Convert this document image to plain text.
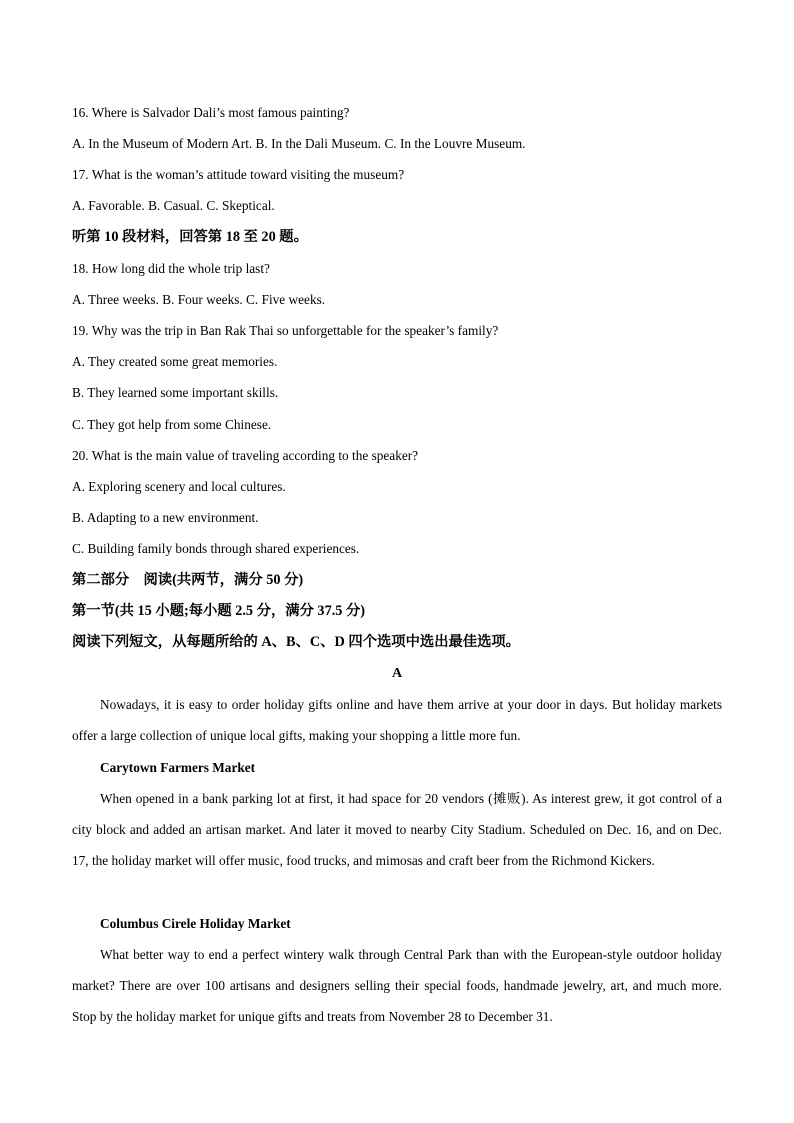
16. Where is Salvador Dali’s most famous painting?
A. In the Museum of Modern Art. B. In the Dali Museum. C. In the Louvre Museum.
17. What is the woman’s attitude toward visiting the museum?
A. Favorable. B. Casual. C. Skeptical.
听第 10 段材料，回答第 18 至 20 题。
18. How long did the whole trip last?
A. Three weeks. B. Four weeks. C. Five weeks.
19. Why was the trip in Ban Rak Thai so unforgettable for the speaker’s family?
A. They created some great memories.
B. They learned some important skills.
C. They got help from some Chinese.
20. What is the main value of traveling according to the speaker?
A. Exploring scenery and local cultures.
B. Adapting to a new environment.
C. Building family bonds through shared experiences.
第二部分　阅读(共两节，满分 50 分)
第一节(共 15 小题;每小题 2.5 分，满分 37.5 分)
阅读下列短文，从每题所给的 A、B、C、D 四个选项中选出最佳选项。
A
Nowadays, it is easy to order holiday gifts online and have them arrive at your door in days. But holiday markets offer a large collection of unique local gifts, making your shopping a little more fun.
Carytown Farmers Market
When opened in a bank parking lot at first, it had space for 20 vendors (摊贩). As interest grew, it got control of a city block and added an artisan market. And later it moved to nearby City Stadium. Scheduled on Dec. 16, and on Dec. 17, the holiday market will offer music, food trucks, and mimosas and craft beer from the Richmond Kickers.
Columbus Cirele Holiday Market
What better way to end a perfect wintery walk through Central Park than with the European-style outdoor holiday market? There are over 100 artisans and designers selling their special foods, handmade jewelry, art, and much more. Stop by the holiday market for unique gifts and treats from November 28 to December 31.
